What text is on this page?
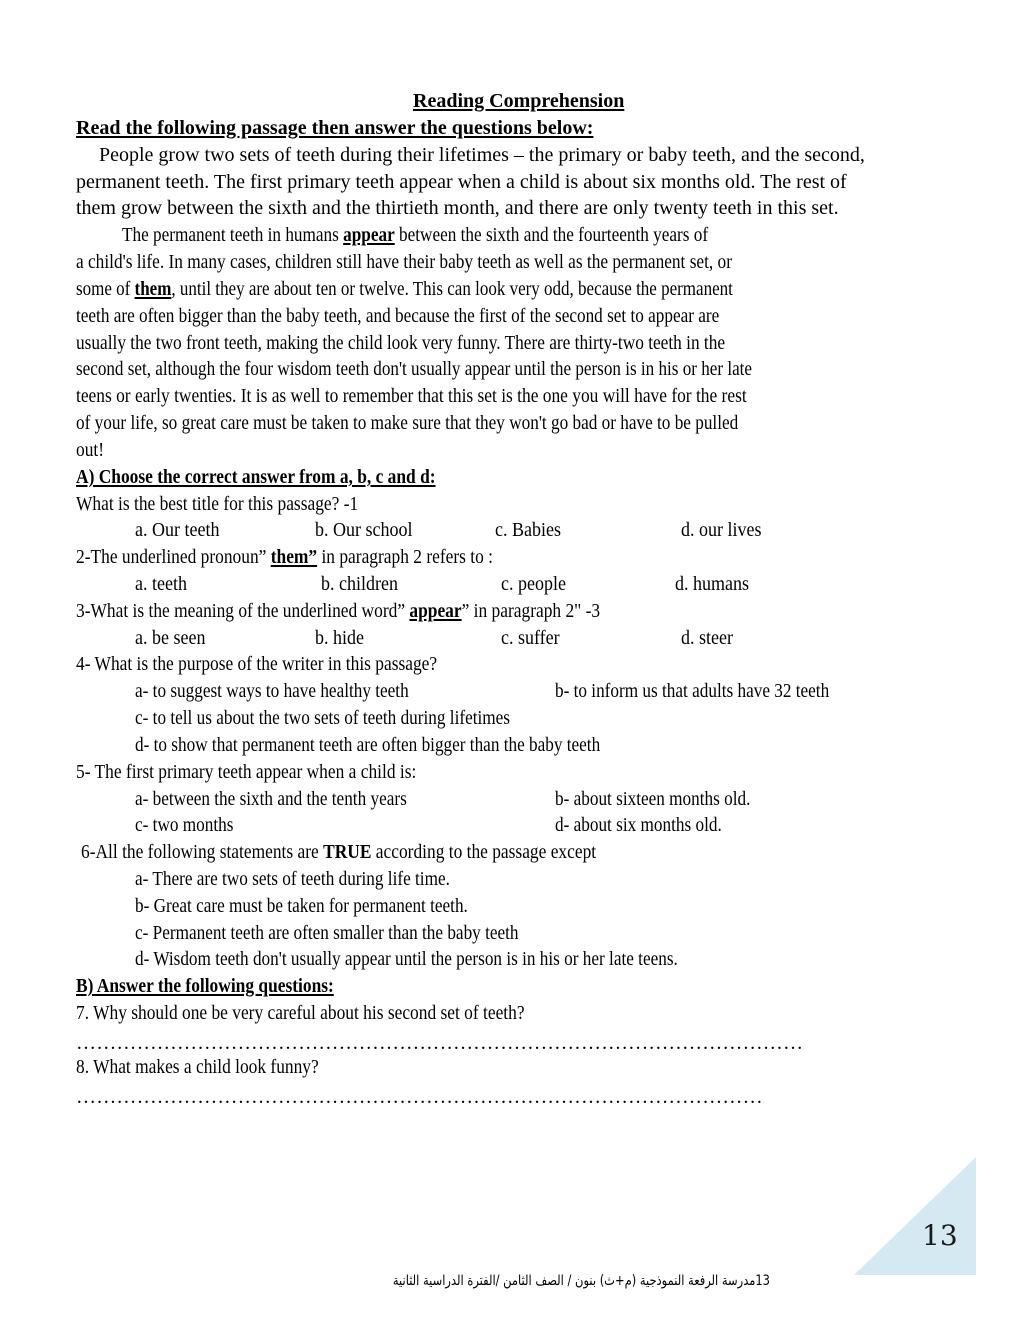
Reading Comprehension
Read the following passage then answer the questions below:
People grow two sets of teeth during their lifetimes – the primary or baby teeth, and the second,
permanent teeth. The first primary teeth appear when a child is about six months old. The rest of
them grow between the sixth and the thirtieth month, and there are only twenty teeth in this set.
The permanent teeth in humans appear between the sixth and the fourteenth years of
a child's life. In many cases, children still have their baby teeth as well as the permanent set, or
some of them, until they are about ten or twelve. This can look very odd, because the permanent
teeth are often bigger than the baby teeth, and because the first of the second set to appear are
usually the two front teeth, making the child look very funny. There are thirty-two teeth in the
second set, although the four wisdom teeth don't usually appear until the person is in his or her late
teens or early twenties. It is as well to remember that this set is the one you will have for the rest
of your life, so great care must be taken to make sure that they won't go bad or have to be pulled
out!
A) Choose the correct answer from a, b, c and d:
What is the best title for this passage? -1
a. Our teeth	b. Our school	c. Babies	d. our lives
2-The underlined pronoun” them” in paragraph 2 refers to :
a. teeth	b. children	c. people	d. humans
3-What is the meaning of the underlined word” appear” in paragraph 2" -3
a. be seen	b. hide	c. suffer	d. steer
4- What is the purpose of the writer in this passage?
a- to suggest ways to have healthy teeth	b- to inform us that adults have 32 teeth
c- to tell us about the two sets of teeth during lifetimes
d- to show that permanent teeth are often bigger than the baby teeth
5- The first primary teeth appear when a child is:
a- between the sixth and the tenth years	b- about sixteen months old.
c- two months	d- about six months old.
6-All the following statements are TRUE according to the passage except
a- There are two sets of teeth during life time.
b- Great care must be taken for permanent teeth.
c- Permanent teeth are often smaller than the baby teeth
d- Wisdom teeth don't usually appear until the person is in his or her late teens.
B) Answer the following questions:
7. Why should one be very careful about his second set of teeth?
………………………………………………………………………………………………
8. What makes a child look funny?
…………………………………………………………………………………………
13
13مدرسة الرفعة النموذجية (م+ث) بنون / الصف الثامن /الفترة الدراسية الثانية
